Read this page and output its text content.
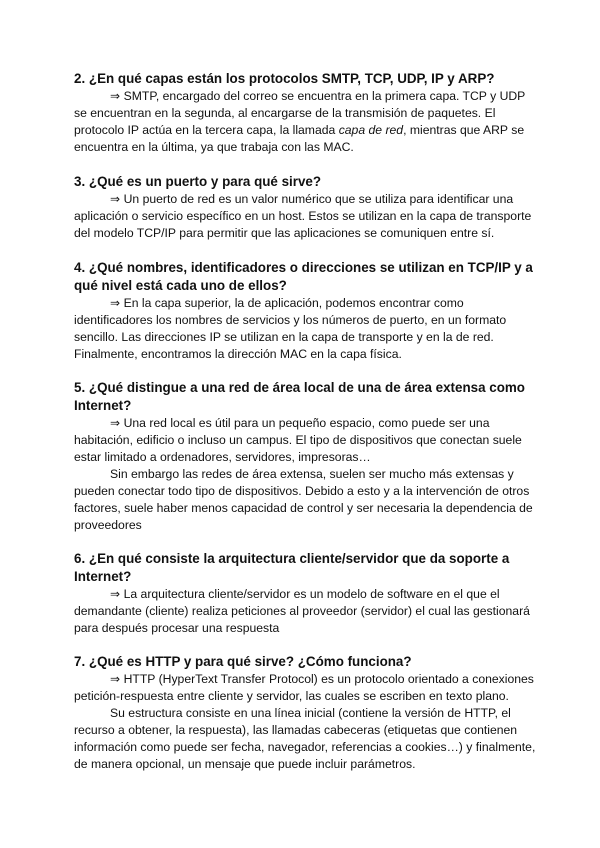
2. ¿En qué capas están los protocolos SMTP, TCP, UDP, IP y ARP?

⇒ SMTP, encargado del correo se encuentra en la primera capa. TCP y UDP se encuentran en la segunda, al encargarse de la transmisión de paquetes. El protocolo IP actúa en la tercera capa, la llamada capa de red, mientras que ARP se encuentra en la última, ya que trabaja con las MAC.

3. ¿Qué es un puerto y para qué sirve?

⇒ Un puerto de red es un valor numérico que se utiliza para identificar una aplicación o servicio específico en un host. Estos se utilizan en la capa de transporte del modelo TCP/IP para permitir que las aplicaciones se comuniquen entre sí.

4. ¿Qué nombres, identificadores o direcciones se utilizan en TCP/IP y a qué nivel está cada uno de ellos?

⇒ En la capa superior, la de aplicación, podemos encontrar como identificadores los nombres de servicios y los números de puerto, en un formato sencillo. Las direcciones IP se utilizan en la capa de transporte y en la de red. Finalmente, encontramos la dirección MAC en la capa física.

5. ¿Qué distingue a una red de área local de una de área extensa como Internet?

⇒ Una red local es útil para un pequeño espacio, como puede ser una habitación, edificio o incluso un campus. El tipo de dispositivos que conectan suele estar limitado a ordenadores, servidores, impresoras…

Sin embargo las redes de área extensa, suelen ser mucho más extensas y pueden conectar todo tipo de dispositivos. Debido a esto y a la intervención de otros factores, suele haber menos capacidad de control y ser necesaria la dependencia de proveedores

6. ¿En qué consiste la arquitectura cliente/servidor que da soporte a Internet?

⇒ La arquitectura cliente/servidor es un modelo de software en el que el demandante (cliente) realiza peticiones al proveedor (servidor) el cual las gestionará para después procesar una respuesta

7. ¿Qué es HTTP y para qué sirve? ¿Cómo funciona?

⇒ HTTP (HyperText Transfer Protocol) es un protocolo orientado a conexiones petición-respuesta entre cliente y servidor, las cuales se escriben en texto plano.

Su estructura consiste en una línea inicial (contiene la versión de HTTP, el recurso a obtener, la respuesta), las llamadas cabeceras (etiquetas que contienen información como puede ser fecha, navegador, referencias a cookies…) y finalmente, de manera opcional, un mensaje que puede incluir parámetros.
